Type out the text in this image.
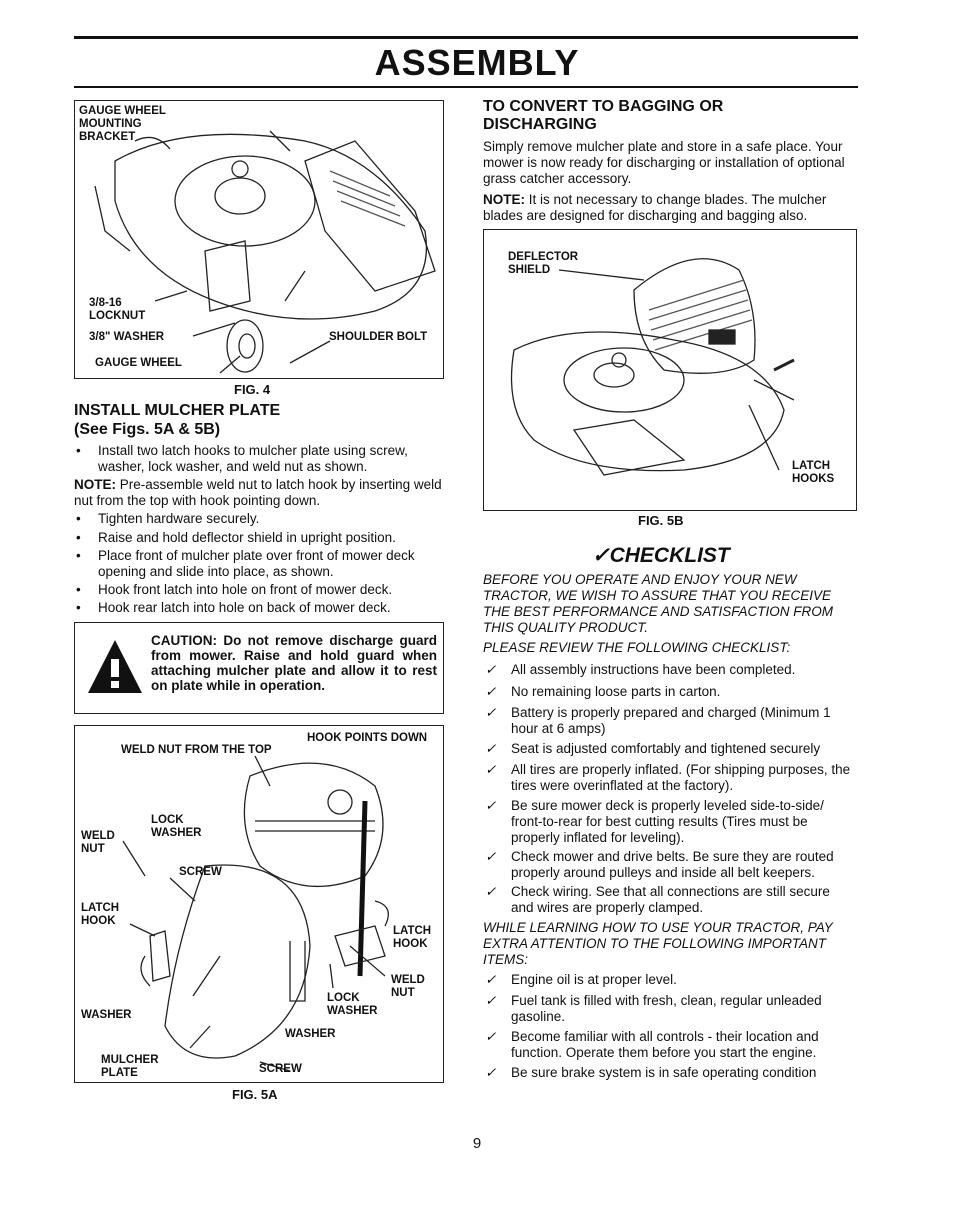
ASSEMBLY
GAUGE WHEEL
MOUNTING
BRACKET
3/8-16
LOCKNUT
3/8" WASHER	SHOULDER BOLT
GAUGE WHEEL
FIG. 4
INSTALL MULCHER PLATE
(See Figs. 5A & 5B)
• Install two latch hooks to mulcher plate using screw, washer, lock washer, and weld nut as shown.
NOTE: Pre-assemble weld nut to latch hook by inserting weld nut from the top with hook pointing down.
• Tighten hardware securely.
• Raise and hold deflector shield in upright position.
• Place front of mulcher plate over front of mower deck opening and slide into place, as shown.
• Hook front latch into hole on front of mower deck.
• Hook rear latch into hole on back of mower deck.
CAUTION: Do not remove discharge guard from mower. Raise and hold guard when attaching mulcher plate and allow it to rest on plate while in operation.
HOOK POINTS DOWN
WELD NUT FROM THE TOP
LOCK
WASHER
WELD
NUT
SCREW
LATCH
HOOK
LATCH
HOOK
WELD
NUT
LOCK
WASHER
WASHER
WASHER
MULCHER
PLATE	SCREW
FIG. 5A
TO CONVERT TO BAGGING OR
DISCHARGING
Simply remove mulcher plate and store in a safe place. Your mower is now ready for discharging or installation of optional grass catcher accessory.
NOTE: It is not necessary to change blades. The mulcher blades are designed for discharging and bagging also.
DEFLECTOR
SHIELD
LATCH
HOOKS
FIG. 5B
✓CHECKLIST
BEFORE YOU OPERATE AND ENJOY YOUR NEW TRACTOR, WE WISH TO ASSURE THAT YOU RECEIVE THE BEST PERFORMANCE AND SATISFACTION FROM THIS QUALITY PRODUCT.
PLEASE REVIEW THE FOLLOWING CHECKLIST:
✓ All assembly instructions have been completed.
✓ No remaining loose parts in carton.
✓ Battery is properly prepared and charged (Minimum 1 hour at 6 amps)
✓ Seat is adjusted comfortably and tightened securely
✓ All tires are properly inflated. (For shipping purposes, the tires were overinflated at the factory).
✓ Be sure mower deck is properly leveled side-to-side/ front-to-rear for best cutting results (Tires must be properly inflated for leveling).
✓ Check mower and drive belts. Be sure they are routed properly around pulleys and inside all belt keepers.
✓ Check wiring. See that all connections are still secure and wires are properly clamped.
WHILE LEARNING HOW TO USE YOUR TRACTOR, PAY EXTRA ATTENTION TO THE FOLLOWING IMPORTANT ITEMS:
✓ Engine oil is at proper level.
✓ Fuel tank is filled with fresh, clean, regular unleaded gasoline.
✓ Become familiar with all controls - their location and function. Operate them before you start the engine.
✓ Be sure brake system is in safe operating condition
9
